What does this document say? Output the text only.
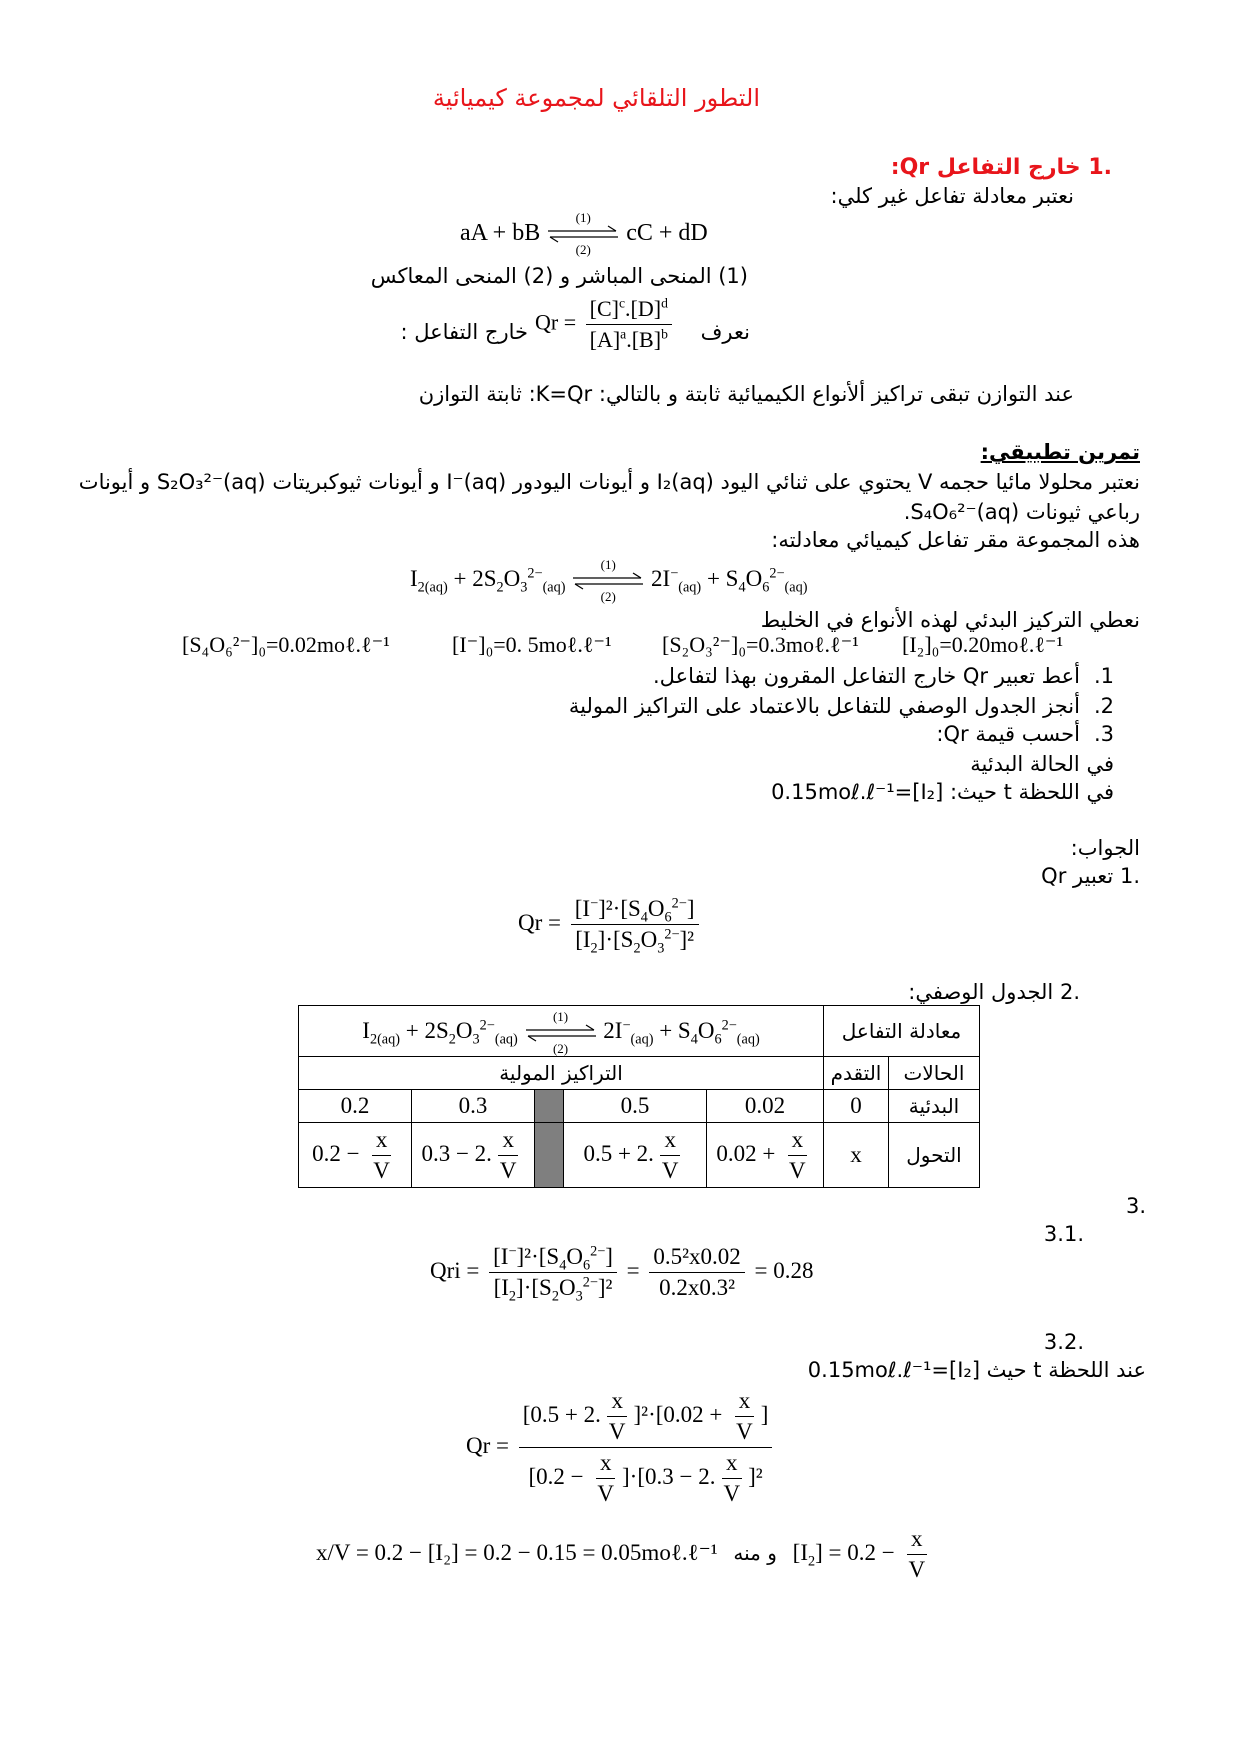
التطور التلقائي لمجموعة كيميائية
.1 خارج التفاعل Qr:
نعتبر معادلة تفاعل غير كلي:
aA + bB
(1)
(2)
cC + dD
(1) المنحى المباشر و (2) المنحى المعاكس
نعرف
$Qr = \frac{[C]^c.[D]^d}{[A]^a.[B]^b}$
خارج التفاعل :
عند التوازن تبقى تراكيز ألأنواع الكيميائية ثابتة و بالتالي: K=Qr: ثابتة التوازن
تمرين تطبيقي:
نعتبر محلولا مائيا حجمه V يحتوي على ثنائي اليود I₂(aq) و أيونات اليودور I⁻(aq) و أيونات ثيوكبريتات S₂O₃²⁻(aq) و أيونات
رباعي ثيونات S₄O₆²⁻(aq).
هذه المجموعة مقر تفاعل كيميائي معادلته:
$I_{2(aq)} + 2S_2O_3^{2-}_{(aq)}$
(1)
(2)
$2I^-_{(aq)} + S_4O_6^{2-}_{(aq)}$
نعطي التركيز البدئي لهذه الأنواع في الخليط
[S₄O₆²⁻]₀=0.02moℓ.ℓ⁻¹	[I⁻]₀=0. 5moℓ.ℓ⁻¹ [S₂O₃²⁻]₀=0.3moℓ.ℓ⁻¹ [I₂]₀=0.20moℓ.ℓ⁻¹
1.أعط تعبير Qr خارج التفاعل المقرون بهذا لتفاعل.
2.أنجز الجدول الوصفي للتفاعل بالاعتماد على التراكيز المولية
3.أحسب قيمة Qr:
في الحالة البدئية
في اللحظة t حيث: [I₂]=0.15moℓ.ℓ⁻¹
الجواب:
.1 تعبير Qr
$Qr = \frac{[I^-]^2\cdot[S_4O_6^{2-}]}{[I_2]\cdot[S_2O_3^{2-}]^2}$
.2 الجدول الوصفي:
معادلة التفاعل		$I_{2(aq)} + 2S_2O_3^{2-}_{(aq)}$
(1)
(2)
$2I^-_{(aq)} + S_4O_6^{2-}_{(aq)}$
الحالات	التقدم	التراكيز المولية				
البدئية	0	0.02	0.5		0.3	0.2
التحول	x	$0.02 + \frac{x}{V}$	0.5 + 2. $\frac{x}{V}$		0.3 − 2. $\frac{x}{V}$	$0.2 - \frac{x}{V}$
.3
.3.1
Qri = $\frac{[I^-]^2\cdot[S_4O_6^{2-}]}{[I_2]\cdot[S_2O_3^{2-}]^2} = \frac{\text{0.5²x0.02}}{\text{0.2x0.3²}} = 0.28$
.3.2
عند اللحظة t حيث [I₂]=0.15moℓ.ℓ⁻¹
$Qr = \frac{[0.5 + 2. \frac{x}{V} ]^2\cdot[0.02 + \frac{x}{V} ]}{[0.2 - \frac{x}{V} ]\cdot[0.3 - 2. \frac{x}{V} ]^2}$
x/V = 0.2 − [I₂] = 0.2 − 0.15 = 0.05moℓ.ℓ⁻¹ و منه $[I_2] = 0.2 - \frac{x}{V}$
